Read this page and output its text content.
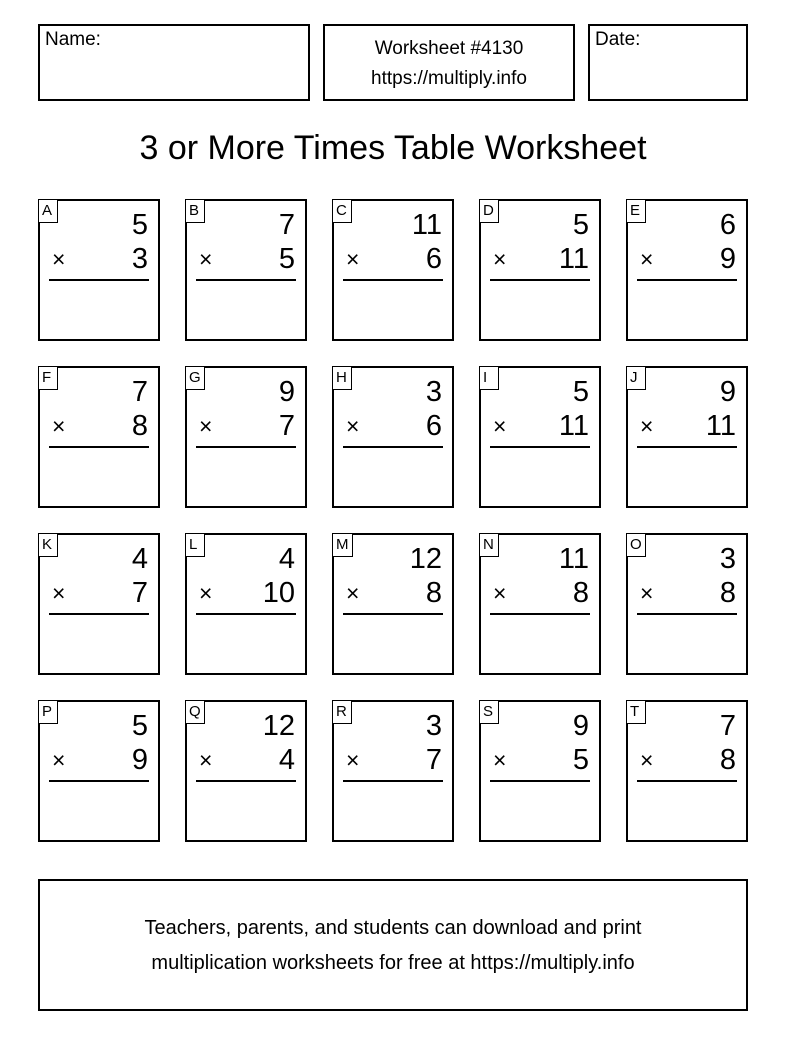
Name:	Worksheet #4130
https://multiply.info
Date:
3 or More Times Table Worksheet
A	5
× 3
B	7
× 5
C 11
× 6
D	5
× 11
E	6
× 9
F	7
× 8
G	9
× 7
H	3
× 6
I	5
× 11
J	9
× 11
K	4
× 7
L	4
× 10
M 12
× 8
N 11
× 8
O	3
× 8
P	5
× 9
Q 12
× 4
R	3
× 7
S	9
× 5
T	7
× 8
Teachers, parents, and students can download and print
multiplication worksheets for free at https://multiply.info
